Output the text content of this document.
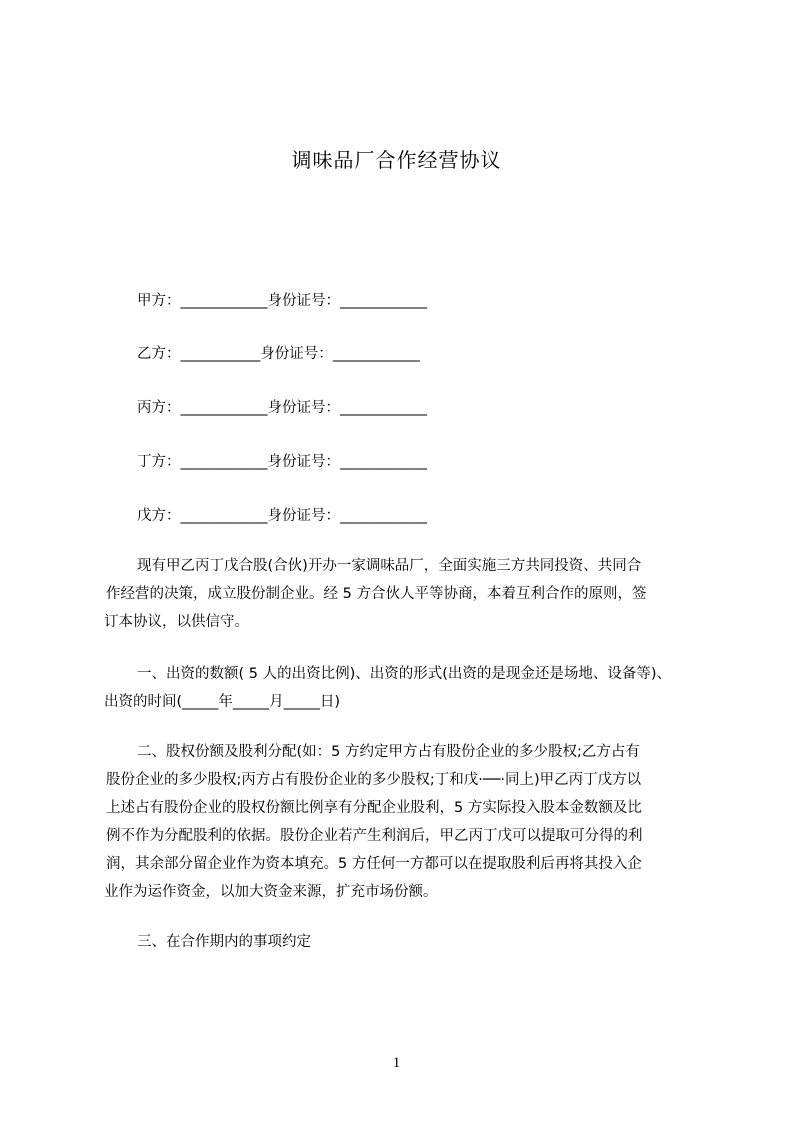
调味品厂合作经营协议
甲方：____________身份证号：____________
乙方：___________身份证号：____________
丙方：____________身份证号：____________
丁方：____________身份证号：____________
戊方：____________身份证号：____________
现有甲乙丙丁戊合股(合伙)开办一家调味品厂，全面实施三方共同投资、共同合
作经营的决策，成立股份制企业。经 5 方合伙人平等协商，本着互利合作的原则，签
订本协议，以供信守。
一、出资的数额( 5 人的出资比例)、出资的形式(出资的是现金还是场地、设备等)、
出资的时间(_____年_____月_____日)
二、股权份额及股利分配(如：5 方约定甲方占有股份企业的多少股权;乙方占有
股份企业的多少股权;丙方占有股份企业的多少股权;丁和戊·──·同上)甲乙丙丁戊方以
上述占有股份企业的股权份额比例享有分配企业股利，5 方实际投入股本金数额及比
例不作为分配股利的依据。股份企业若产生利润后，甲乙丙丁戊可以提取可分得的利
润，其余部分留企业作为资本填充。5 方任何一方都可以在提取股利后再将其投入企
业作为运作资金，以加大资金来源，扩充市场份额。
三、在合作期内的事项约定
1
